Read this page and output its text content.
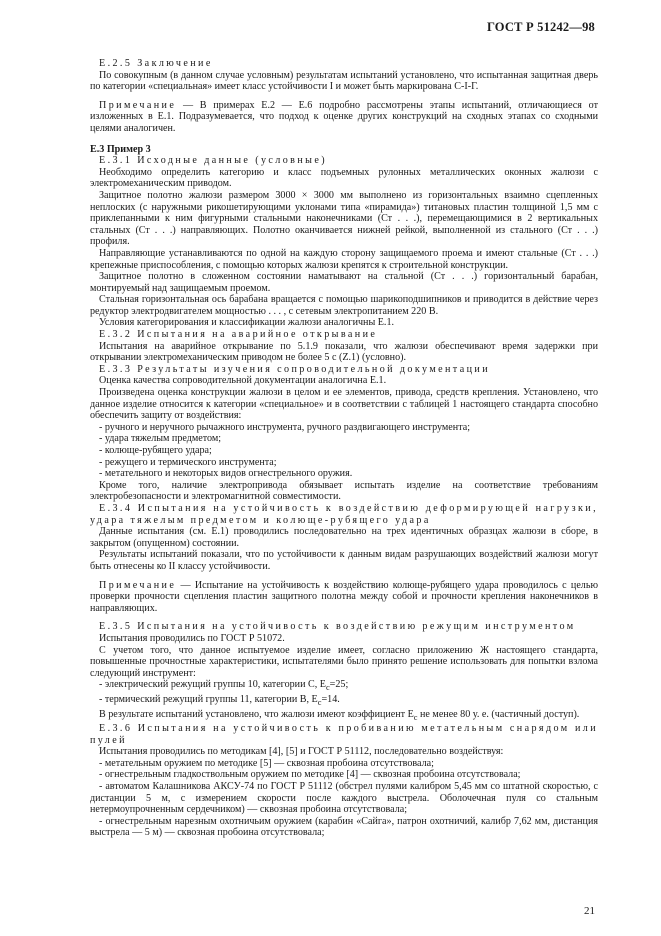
ГОСТ Р 51242—98

Е.2.5 Заключение

По совокупным (в данном случае условным) результатам испытаний установлено, что испытанная защитная дверь по категории «специальная» имеет класс устойчивости I и может быть маркирована С-I-Г.

Примечание — В примерах Е.2 — Е.6 подробно рассмотрены этапы испытаний, отличающиеся от изложенных в Е.1. Подразумевается, что подход к оценке других конструкций на сходных этапах со сходными целями аналогичен.

Е.3 Пример 3

Е.3.1 Исходные данные (условные)

Необходимо определить категорию и класс подъемных рулонных металлических оконных жалюзи с электромеханическим приводом.

Защитное полотно жалюзи размером 3000 × 3000 мм выполнено из горизонтальных взаимно сцепленных неплоских (с наружными рикошетирующими уклонами типа «пирамида») титановых пластин толщиной 1,5 мм с приклепанными к ним фигурными стальными наконечниками (Ст . . .), перемещающимися в 2 вертикальных стальных (Ст . . .) направляющих. Полотно оканчивается нижней рейкой, выполненной из стального (Ст . . .) профиля.

Направляющие устанавливаются по одной на каждую сторону защищаемого проема и имеют стальные (Ст . . .) крепежные приспособления, с помощью которых жалюзи крепятся к строительной конструкции.

Защитное полотно в сложенном состоянии наматывают на стальной (Ст . . .) горизонтальный барабан, монтируемый над защищаемым проемом.

Стальная горизонтальная ось барабана вращается с помощью шарикоподшипников и приводится в действие через редуктор электродвигателем мощностью . . . , с сетевым электропитанием 220 В.

Условия категорирования и классификации жалюзи аналогичны Е.1.

Е.3.2 Испытания на аварийное открывание

Испытания на аварийное открывание по 5.1.9 показали, что жалюзи обеспечивают время задержки при открывании электромеханическим приводом не более 5 с (Z.1) (условно).

Е.3.3 Результаты изучения сопроводительной документации

Оценка качества сопроводительной документации аналогична Е.1.

Произведена оценка конструкции жалюзи в целом и ее элементов, привода, средств крепления. Установлено, что данное изделие относится к категории «специальное» и в соответствии с таблицей 1 настоящего стандарта способно обеспечить защиту от воздействия:

- ручного и неручного рычажного инструмента, ручного раздвигающего инструмента;

- удара тяжелым предметом;

- колюще-рубящего удара;

- режущего и термического инструмента;

- метательного и некоторых видов огнестрельного оружия.

Кроме того, наличие электропривода обязывает испытать изделие на соответствие требованиям электробезопасности и электромагнитной совместимости.

Е.3.4 Испытания на устойчивость к воздействию деформирующей нагрузки, удара тяжелым предметом и колюще-рубящего удара

Данные испытания (см. Е.1) проводились последовательно на трех идентичных образцах жалюзи в сборе, в закрытом (опущенном) состоянии.

Результаты испытаний показали, что по устойчивости к данным видам разрушающих воздействий жалюзи могут быть отнесены ко II классу устойчивости.

Примечание — Испытание на устойчивость к воздействию колюще-рубящего удара проводилось с целью проверки прочности сцепления пластин защитного полотна между собой и прочности крепления наконечников в направляющих.

Е.3.5 Испытания на устойчивость к воздействию режущим инструментом

Испытания проводились по ГОСТ Р 51072.

С учетом того, что данное испытуемое изделие имеет, согласно приложению Ж настоящего стандарта, повышенные прочностные характеристики, испытателями было принято решение использовать для попытки взлома следующий инструмент:

- электрический режущий группы 10, категории С, $Е_с=25$;

- термический режущий группы 11, категории В, $Е_с=14$.

В результате испытаний установлено, что жалюзи имеют коэффициент $Е_с$ не менее 80 у. е. (частичный доступ).

Е.3.6 Испытания на устойчивость к пробиванию метательным снарядом или пулей

Испытания проводились по методикам [4], [5] и ГОСТ Р 51112, последовательно воздействуя:

- метательным оружием по методике [5] — сквозная пробоина отсутствовала;

- огнестрельным гладкоствольным оружием по методике [4] — сквозная пробоина отсутствовала;

- автоматом Калашникова АКСУ-74 по ГОСТ Р 51112 (обстрел пулями калибром 5,45 мм со штатной скоростью, с дистанции 5 м, с измерением скорости после каждого выстрела. Оболочечная пуля со стальным нетермоупрочненным сердечником) — сквозная пробоина отсутствовала;

- огнестрельным нарезным охотничьим оружием (карабин «Сайга», патрон охотничий, калибр 7,62 мм, дистанция выстрела — 5 м) — сквозная пробоина отсутствовала;

21
